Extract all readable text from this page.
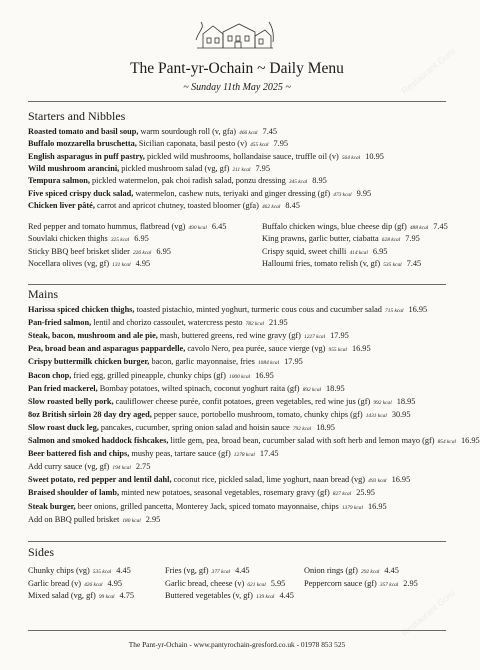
The Pant-yr-Ochain ~ Daily Menu
~ Sunday 11th May 2025 ~	Restaurant Guru
Restaurant Guru
Starters and Nibbles
Roasted tomato and basil soup, warm sourdough roll (v, gfa) 466 kcal 7.45
Buffalo mozzarella bruschetta, Sicilian caponata, basil pesto (v) 455 kcal 7.95
English asparagus in puff pastry, pickled wild mushrooms, hollandaise sauce, truffle oil (v) 564 kcal 10.95
Wild mushroom arancini, pickled mushroom salad (vg, gf) 211 kcal 7.95
Tempura salmon, pickled watermelon, pak choi radish salad, ponzu dressing 345 kcal 8.95
Five spiced crispy duck salad, watermelon, cashew nuts, teriyaki and ginger dressing (gf) 473 kcal 9.95
Chicken liver pâté, carrot and apricot chutney, toasted bloomer (gfa) 462 kcal 8.45
Red pepper and tomato hummus, flatbread (vg) 490 kcal 6.45
Souvlaki chicken thighs 325 kcal 6.95
Sticky BBQ beef brisket slider 226 kcal 6.95
Nocellara olives (vg, gf) 131 kcal 4.95
Buffalo chicken wings, blue cheese dip (gf) 488 kcal 7.45
King prawns, garlic butter, ciabatta 628 kcal 7.95
Crispy squid, sweet chilli 414 kcal 6.95
Halloumi fries, tomato relish (v, gf) 535 kcal 7.45
Mains
Harissa spiced chicken thighs, toasted pistachio, minted yoghurt, turmeric cous cous and cucumber salad 715 kcal 16.95
Pan-fried salmon, lentil and chorizo cassoulet, watercress pesto 782 kcal 21.95
Steak, bacon, mushroom and ale pie, mash, buttered greens, red wine gravy (gf) 1227 kcal 17.95
Pea, broad bean and asparagus pappardelle, cavolo Nero, pea purée, sauce vierge (vg) 955 kcal 16.95
Crispy buttermilk chicken burger, bacon, garlic mayonnaise, fries 1084 kcal 17.95
Bacon chop, fried egg, grilled pineapple, chunky chips (gf) 1000 kcal 16.95
Pan fried mackerel, Bombay potatoes, wilted spinach, coconut yoghurt raita (gf) 892 kcal 18.95
Slow roasted belly pork, cauliflower cheese purée, confit potatoes, green vegetables, red wine jus (gf) 992 kcal 18.95
8oz British sirloin 28 day dry aged, pepper sauce, portobello mushroom, tomato, chunky chips (gf) 1431 kcal 30.95
Slow roast duck leg, pancakes, cucumber, spring onion salad and hoisin sauce 792 kcal 18.95
Salmon and smoked haddock fishcakes, little gem, pea, broad bean, cucumber salad with soft herb and lemon mayo (gf) 854 kcal 16.95
Beer battered fish and chips, mushy peas, tartare sauce (gf) 1278 kcal 17.45
Add curry sauce (vg, gf) 194 kcal 2.75
Sweet potato, red pepper and lentil dahl, coconut rice, pickled salad, lime yoghurt, naan bread (vg) 493 kcal 16.95
Braised shoulder of lamb, minted new potatoes, seasonal vegetables, rosemary gravy (gf) 827 kcal 25.95
Steak burger, beer onions, grilled pancetta, Monterey Jack, spiced tomato mayonnaise, chips 1379 kcal 16.95
Add on BBQ pulled brisket 180 kcal 2.95
Sides
Chunky chips (vg) 535 kcal 4.45
Garlic bread (v) 426 kcal 4.95
Mixed salad (vg, gf) 99 kcal 4.75
Fries (vg, gf) 377 kcal 4.45
Garlic bread, cheese (v) 621 kcal 5.95
Buttered vegetables (v, gf) 139 kcal 4.45
Onion rings (gf) 292 kcal 4.45
Peppercorn sauce (gf) 357 kcal 2.95
The Pant-yr-Ochain - www.pantyrochain-gresford.co.uk - 01978 853 525
